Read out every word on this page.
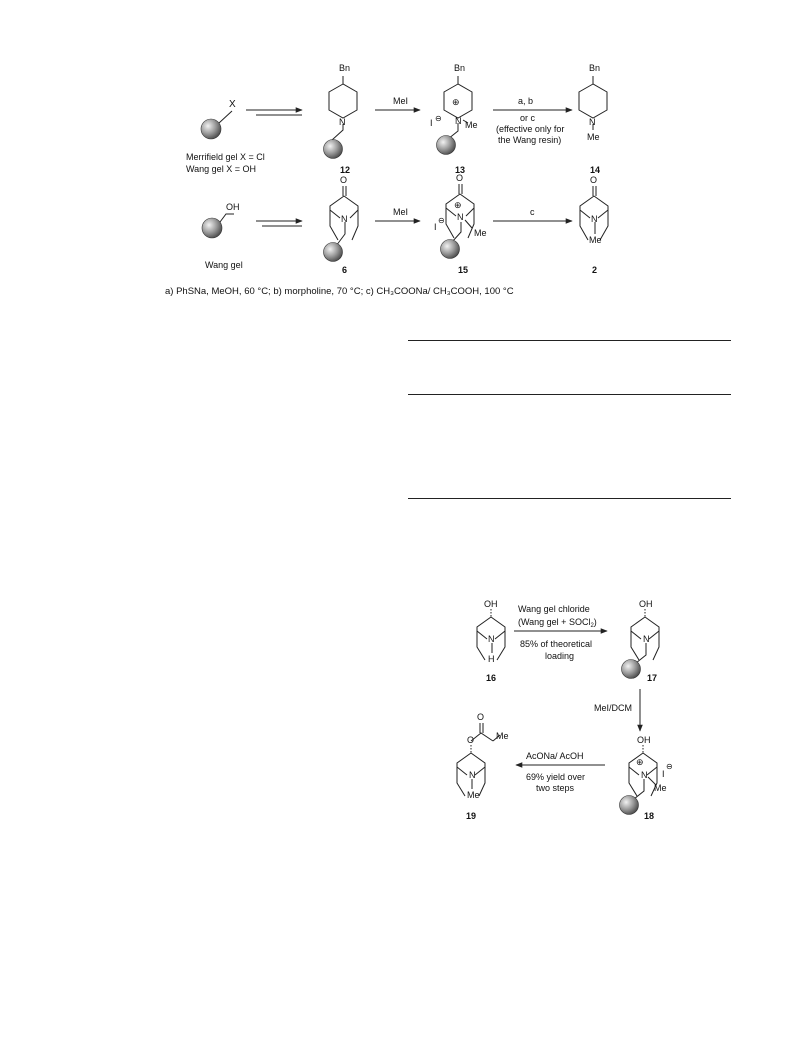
X
Merrifield gel X = Cl
Wang gel X = OH
Bn
N
12
MeI
Bn
⊕
N
I ⊖
Me
13
a, b
or c
(effective only for
the Wang resin)
Bn
N
Me
14
OH
Wang gel
O
N
6
MeI
O
⊕
N
I
⊖
Me
15
c
O
N
Me
2
a) PhSNa, MeOH, 60 °C; b) morpholine, 70 °C; c) CH₃COONa/ CH₃COOH, 100 °C
OH
N
H
16
Wang gel chloride
(Wang gel + SOCl$_2$)
85% of theoretical
loading
OH
N
17
MeI/DCM
OH
⊕
N I
⊖
Me
18
AcONa/ AcOH
69% yield over
two steps
O
Me
O
N
Me
19
